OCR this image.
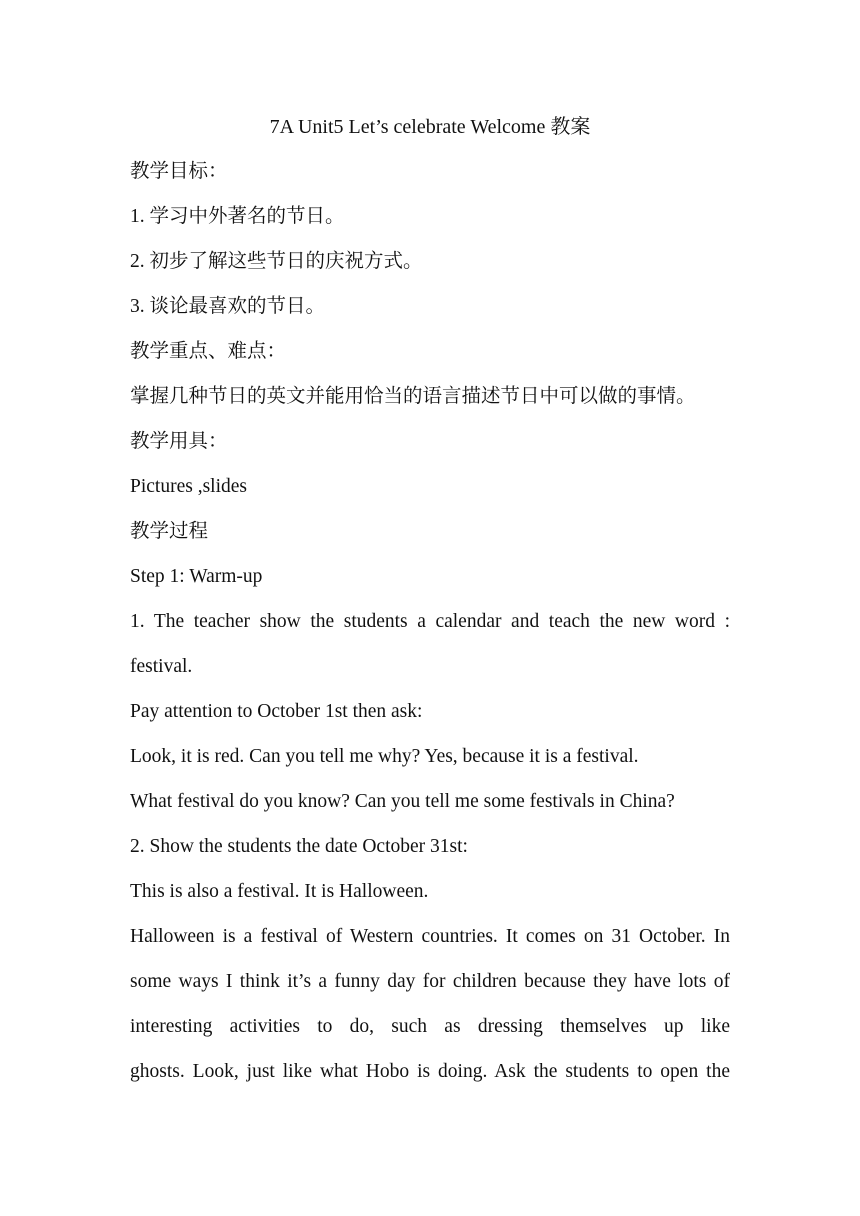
7A Unit5 Let’s celebrate Welcome 教案
教学目标：
1. 学习中外著名的节日。
2. 初步了解这些节日的庆祝方式。
3. 谈论最喜欢的节日。
教学重点、难点：
掌握几种节日的英文并能用恰当的语言描述节日中可以做的事情。
教学用具：
Pictures ,slides
教学过程
Step 1: Warm-up
1. The teacher show the students a calendar and teach the new word :
festival.
Pay attention to October 1st then ask:
Look, it is red. Can you tell me why? Yes, because it is a festival.
What festival do you know? Can you tell me some festivals in China?
2. Show the students the date October 31st:
This is also a festival. It is Halloween.
Halloween is a festival of Western countries. It comes on 31 October. In
some ways I think it’s a funny day for children because they have lots of
interesting activities to do, such as dressing themselves up like
ghosts. Look, just like what Hobo is doing. Ask the students to open the
